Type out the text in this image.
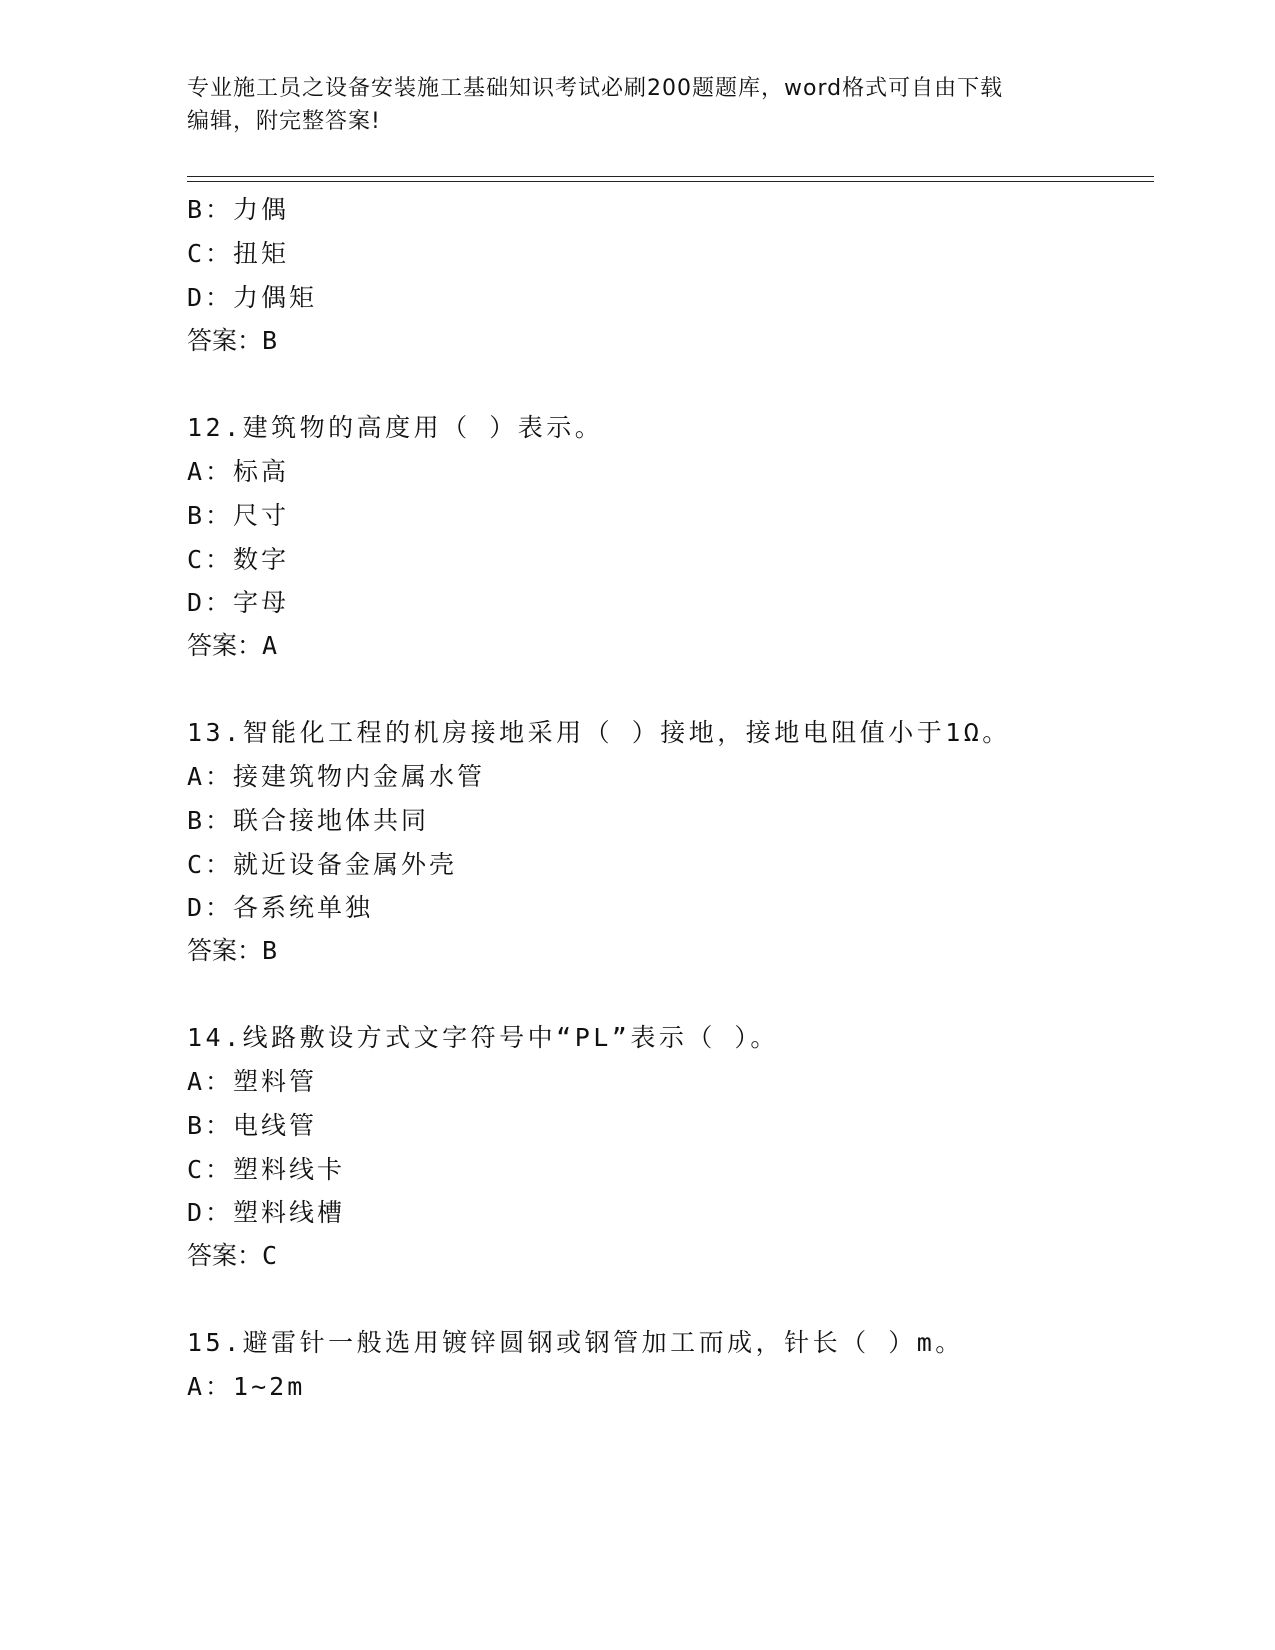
专业施工员之设备安装施工基础知识考试必刷200题题库，word格式可自由下载
编辑，附完整答案!
B：力偶
C：扭矩
D：力偶矩
答案：B
12.建筑物的高度用（ ）表示。
A：标高
B：尺寸
C：数字
D：字母
答案：A
13.智能化工程的机房接地采用（ ）接地，接地电阻值小于1Ω。
A：接建筑物内金属水管
B：联合接地体共同
C：就近设备金属外壳
D：各系统单独
答案：B
14.线路敷设方式文字符号中“PL”表示（ ）。
A：塑料管
B：电线管
C：塑料线卡
D：塑料线槽
答案：C
15.避雷针一般选用镀锌圆钢或钢管加工而成，针长（ ）m。
A：1~2m
